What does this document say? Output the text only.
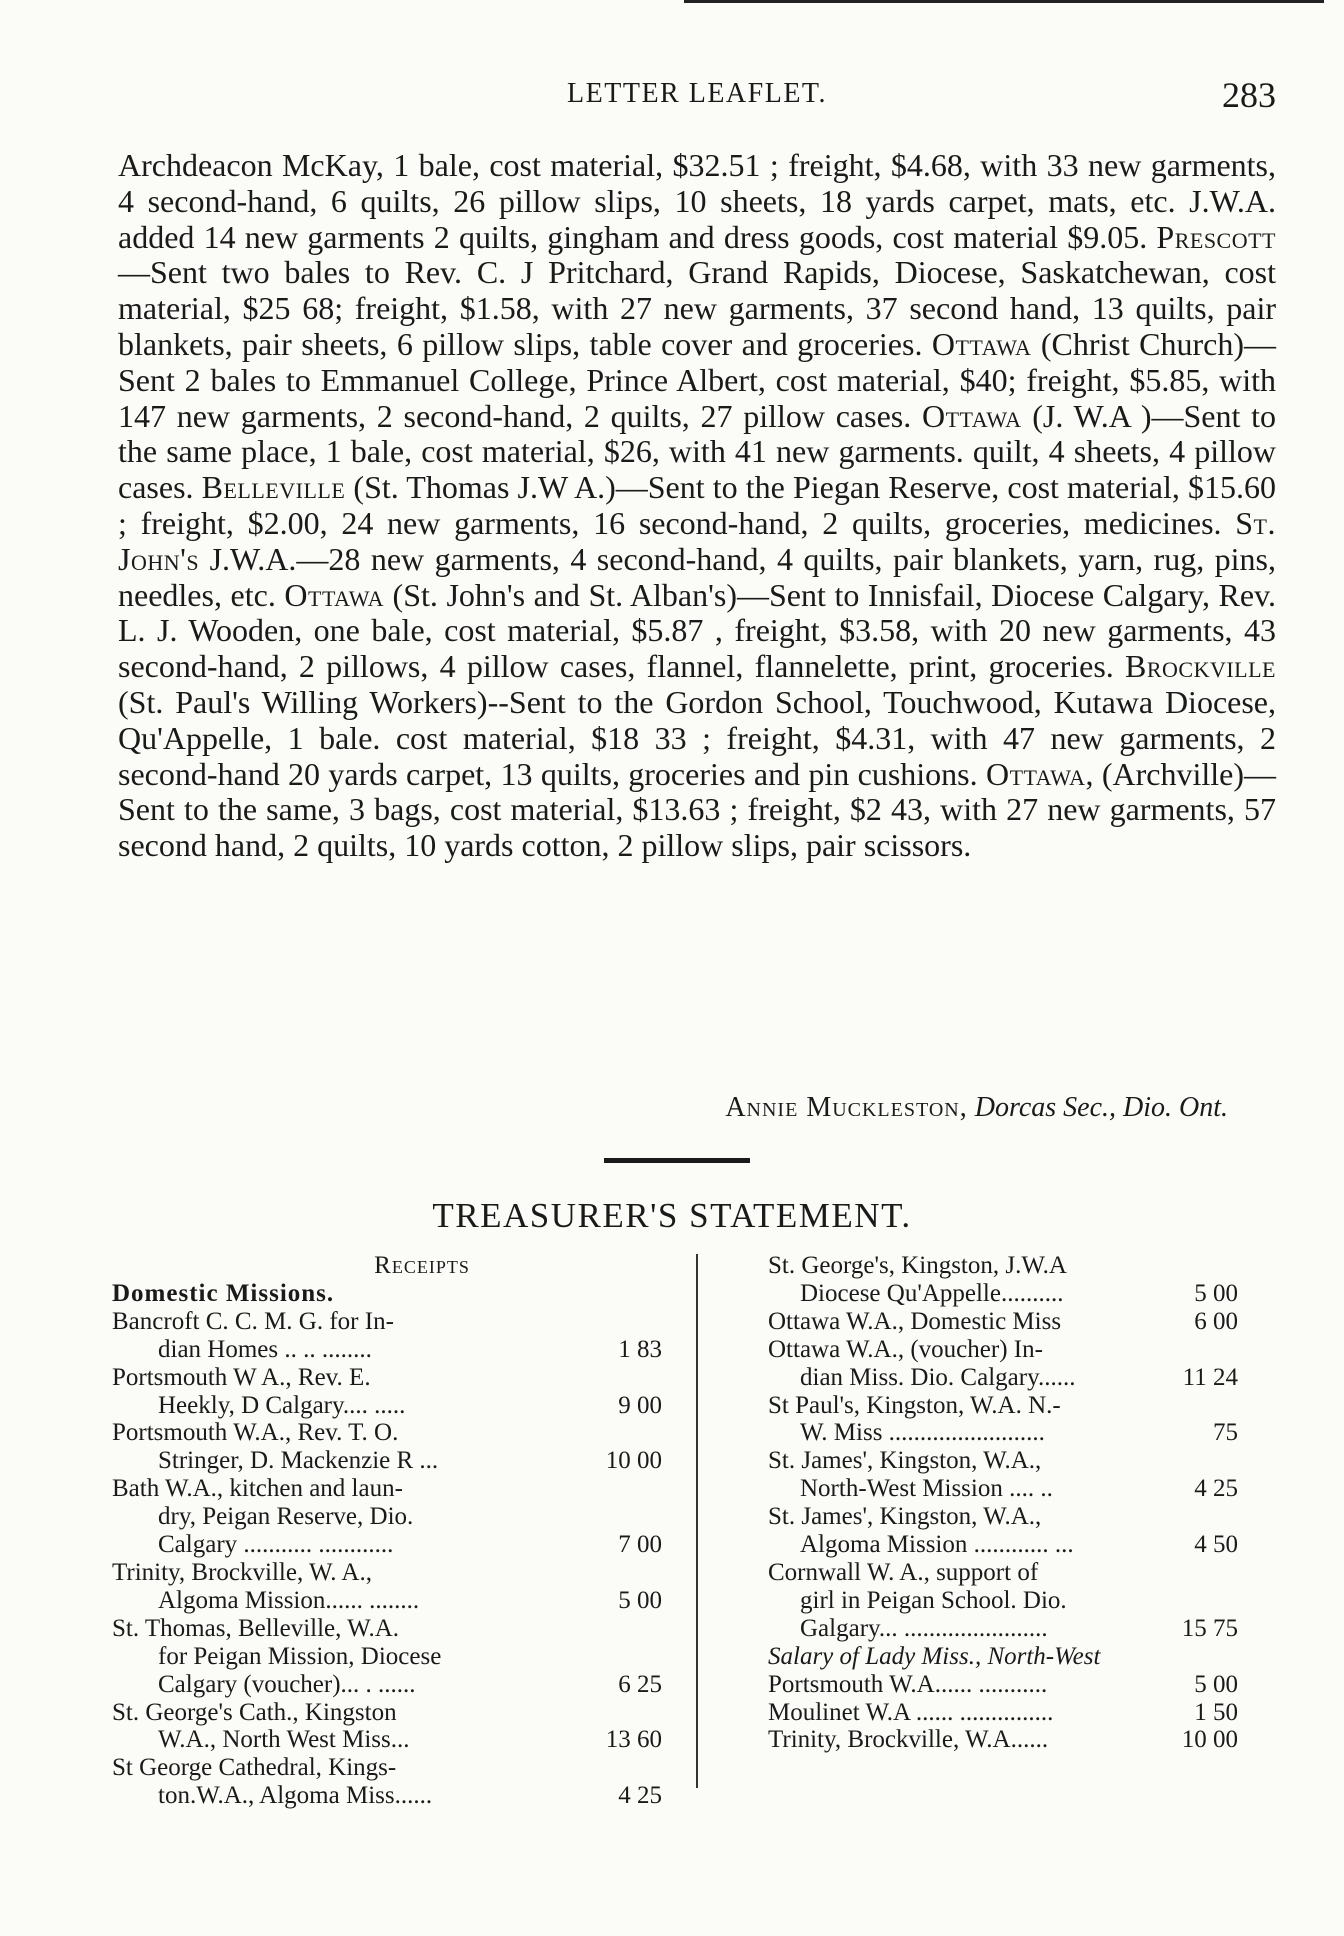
LETTER LEAFLET.	283
Archdeacon McKay, 1 bale, cost material, $32.51 ; freight, $4.68, with 33 new garments, 4 second-hand, 6 quilts, 26 pillow slips, 10 sheets, 18 yards carpet, mats, etc. J.W.A. added 14 new garments 2 quilts, gingham and dress goods, cost material $9.05. Prescott—Sent two bales to Rev. C. J Pritchard, Grand Rapids, Diocese, Saskatchewan, cost material, $25 68; freight, $1.58, with 27 new garments, 37 second hand, 13 quilts, pair blankets, pair sheets, 6 pillow slips, table cover and groceries. Ottawa (Christ Church)—Sent 2 bales to Emmanuel College, Prince Albert, cost material, $40; freight, $5.85, with 147 new garments, 2 second-hand, 2 quilts, 27 pillow cases. Ottawa (J. W.A )—Sent to the same place, 1 bale, cost material, $26, with 41 new garments. quilt, 4 sheets, 4 pillow cases. Belleville (St. Thomas J.W A.)—Sent to the Piegan Reserve, cost material, $15.60 ; freight, $2.00, 24 new garments, 16 second-hand, 2 quilts, groceries, medicines. St. John's J.W.A.—28 new garments, 4 second-hand, 4 quilts, pair blankets, yarn, rug, pins, needles, etc. Ottawa (St. John's and St. Alban's)—Sent to Innisfail, Diocese Calgary, Rev. L. J. Wooden, one bale, cost material, $5.87 , freight, $3.58, with 20 new garments, 43 second-hand, 2 pillows, 4 pillow cases, flannel, flannelette, print, groceries. Brockville (St. Paul's Willing Workers)--Sent to the Gordon School, Touchwood, Kutawa Diocese, Qu'Appelle, 1 bale. cost material, $18 33 ; freight, $4.31, with 47 new garments, 2 second-hand 20 yards carpet, 13 quilts, groceries and pin cushions. Ottawa, (Archville)—Sent to the same, 3 bags, cost material, $13.63 ; freight, $2 43, with 27 new garments, 57 second hand, 2 quilts, 10 yards cotton, 2 pillow slips, pair scissors.
Annie Muckleston, Dorcas Sec., Dio. Ont.
TREASURER'S STATEMENT.
Receipts
Domestic Missions.
Bancroft C. C. M. G. for In-
dian Homes .. .. ........	1 83
Portsmouth W A., Rev. E.
Heekly, D Calgary.... .....	9 00
Portsmouth W.A., Rev. T. O.
Stringer, D. Mackenzie R ...	10 00
Bath W.A., kitchen and laun-
dry, Peigan Reserve, Dio.
Calgary ........... ............	7 00
Trinity, Brockville, W. A.,
Algoma Mission...... ........	5 00
St. Thomas, Belleville, W.A.
for Peigan Mission, Diocese
Calgary (voucher)... . ......	6 25
St. George's Cath., Kingston
W.A., North West Miss...	13 60
St George Cathedral, Kings-
ton.W.A., Algoma Miss......	4 25
St. George's, Kingston, J.W.A
Diocese Qu'Appelle..........	5 00
Ottawa W.A., Domestic Miss	6 00
Ottawa W.A., (voucher) In-
dian Miss. Dio. Calgary......	11 24
St Paul's, Kingston, W.A. N.-
W. Miss .........................	75
St. James', Kingston, W.A.,
North-West Mission .... ..	4 25
St. James', Kingston, W.A.,
Algoma Mission ............ ...	4 50
Cornwall W. A., support of
girl in Peigan School. Dio.
Galgary... .......................	15 75
Salary of Lady Miss., North-West
Portsmouth W.A...... ...........	5 00
Moulinet W.A ...... ...............	1 50
Trinity, Brockville, W.A......	10 00
